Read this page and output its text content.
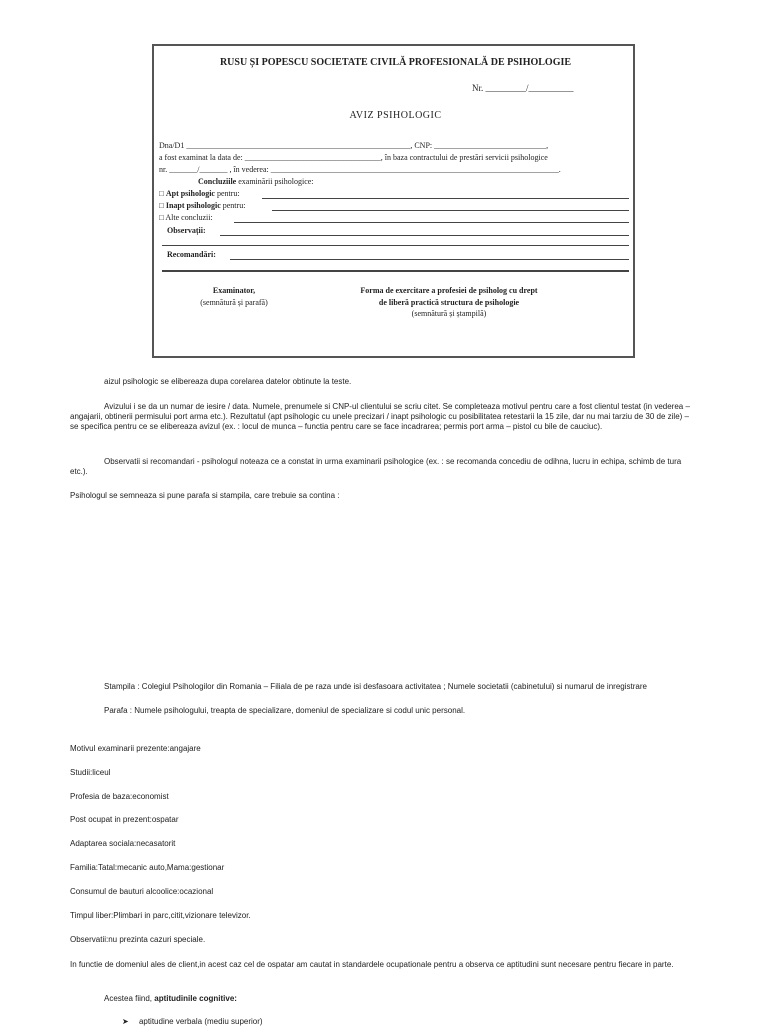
RUSU ȘI POPESCU SOCIETATE CIVILĂ PROFESIONALĂ DE PSIHOLOGIE
Nr. _________/__________
AVIZ PSIHOLOGIC
Dna/D1 ________________________________________________________, CNP: ____________________________,
a fost examinat la data de: __________________________________, în baza contractului de prestări servicii psihologice
nr. _______/_______ , în vederea: ________________________________________________________________________.
Concluziile examinării psihologice:
□ Apt psihologic pentru:
□ Inapt psihologic pentru:
□ Alte concluzii:
Observații:
Recomandări:
Examinator,
(semnătură și parafă)
Forma de exercitare a profesiei de psiholog cu drept
de liberă practică structura de psihologie
(semnătură și ștampilă)
aizul psihologic se elibereaza dupa corelarea datelor obtinute la teste.
Avizului i se da un numar de iesire / data. Numele, prenumele si CNP-ul clientului se scriu citet. Se completeaza motivul pentru care a fost clientul testat (in vederea – angajarii, obtinerii permisului port arma etc.). Rezultatul (apt psihologic cu unele precizari / inapt psihologic cu posibilitatea retestarii la 15 zile, dar nu mai tarziu de 30 de zile) – se specifica pentru ce se elibereaza avizul (ex. : locul de munca – functia pentru care se face incadrarea; permis port arma – pistol cu bile de cauciuc).
Observatii si recomandari - psihologul noteaza ce a constat in urma examinarii psihologice (ex. : se recomanda concediu de odihna, lucru in echipa, schimb de tura etc.).
Psihologul se semneaza si pune parafa si stampila, care trebuie sa contina :
Stampila : Colegiul Psihologilor din Romania – Filiala de pe raza unde isi desfasoara activitatea ; Numele societatii (cabinetului) si numarul de inregistrare
Parafa : Numele psihologului, treapta de specializare, domeniul de specializare si codul unic personal.
Motivul examinarii prezente:angajare
Studii:liceul
Profesia de baza:economist
Post ocupat in prezent:ospatar
Adaptarea sociala:necasatorit
Familia:Tatal:mecanic auto,Mama:gestionar
Consumul de bauturi alcoolice:ocazional
Timpul liber:Plimbari in parc,citit,vizionare televizor.
Observatii:nu prezinta cazuri speciale.
In functie de domeniul ales de client,in acest caz cel de ospatar am cautat in standardele ocupationale pentru a observa ce aptitudini sunt necesare pentru fiecare in parte.
Acestea fiind, aptitudinile cognitive:
➤ aptitudine verbala (mediu superior)
